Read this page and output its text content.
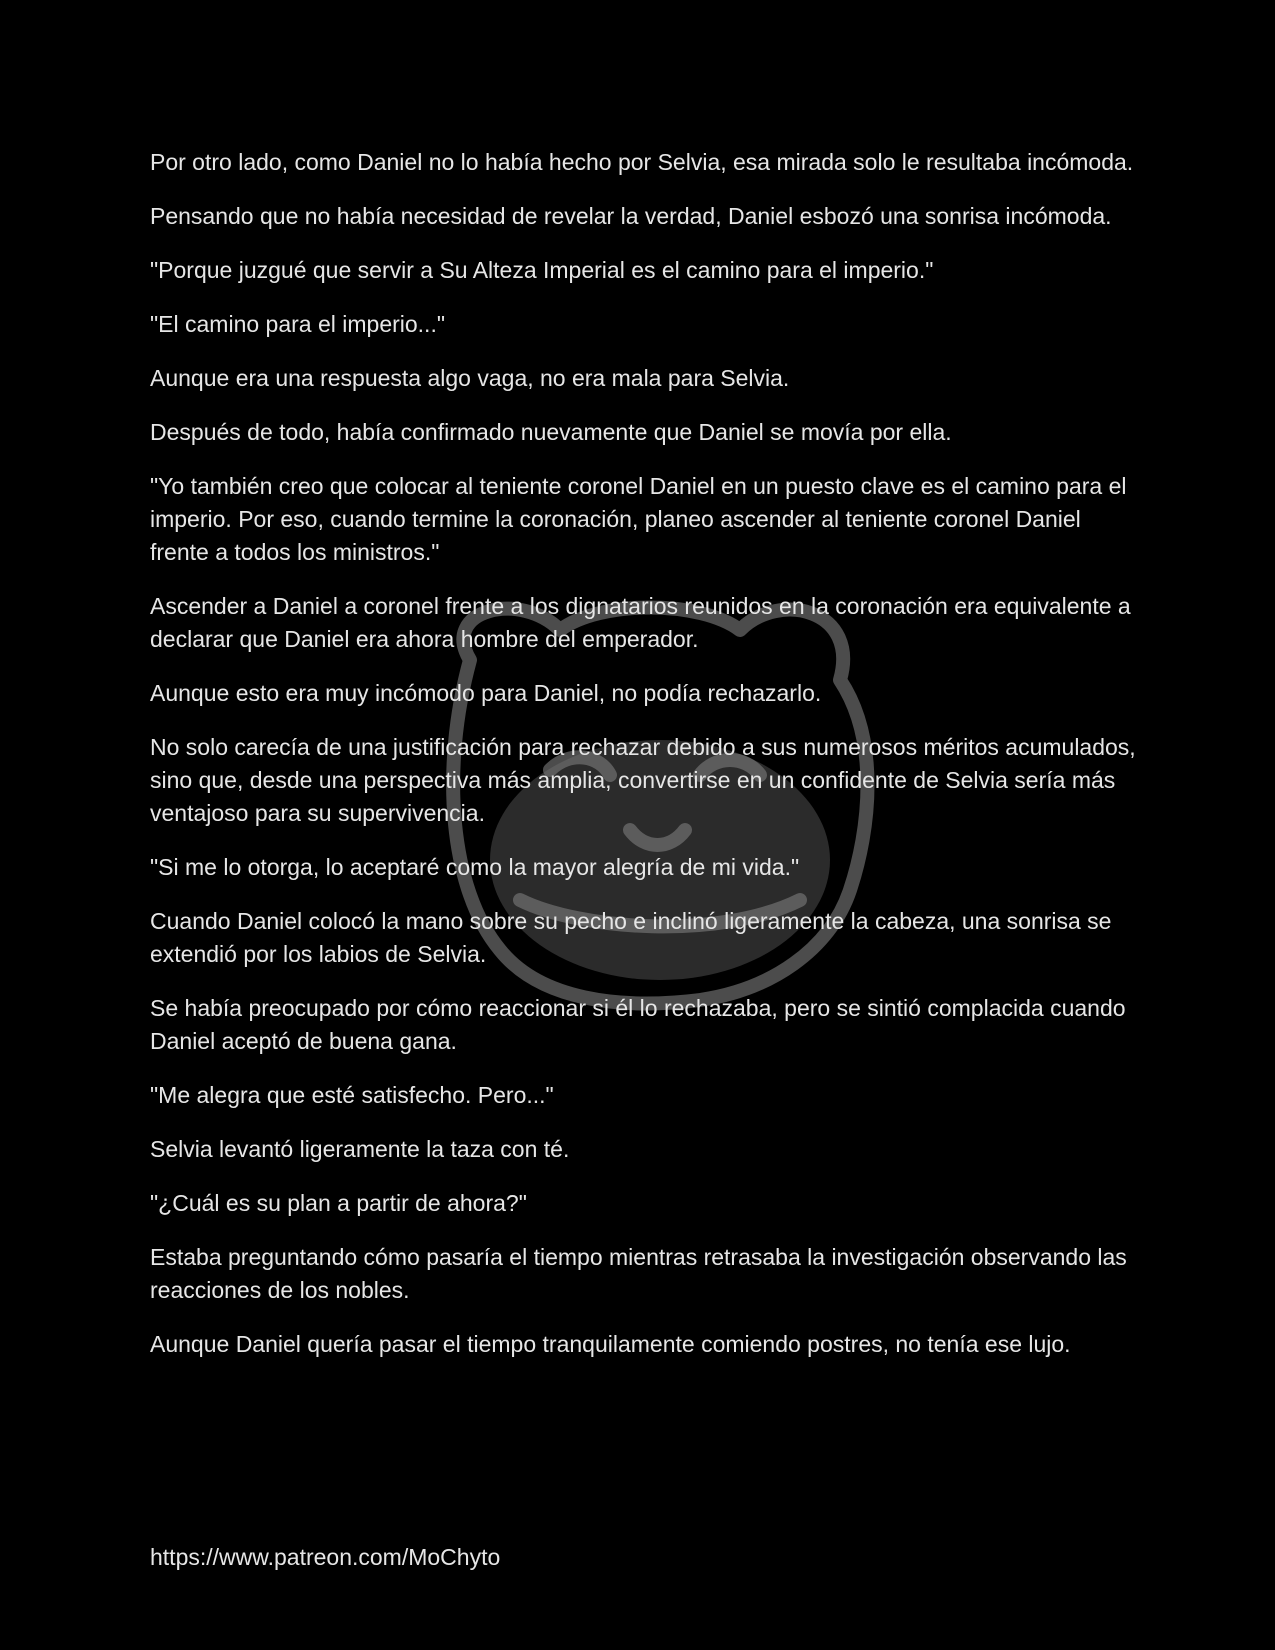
Por otro lado, como Daniel no lo había hecho por Selvia, esa mirada solo le resultaba incómoda.

Pensando que no había necesidad de revelar la verdad, Daniel esbozó una sonrisa incómoda.

"Porque juzgué que servir a Su Alteza Imperial es el camino para el imperio."

"El camino para el imperio..."

Aunque era una respuesta algo vaga, no era mala para Selvia.

Después de todo, había confirmado nuevamente que Daniel se movía por ella.

"Yo también creo que colocar al teniente coronel Daniel en un puesto clave es el camino para el imperio. Por eso, cuando termine la coronación, planeo ascender al teniente coronel Daniel frente a todos los ministros."

Ascender a Daniel a coronel frente a los dignatarios reunidos en la coronación era equivalente a declarar que Daniel era ahora hombre del emperador.

Aunque esto era muy incómodo para Daniel, no podía rechazarlo.

No solo carecía de una justificación para rechazar debido a sus numerosos méritos acumulados, sino que, desde una perspectiva más amplia, convertirse en un confidente de Selvia sería más ventajoso para su supervivencia.

"Si me lo otorga, lo aceptaré como la mayor alegría de mi vida."

Cuando Daniel colocó la mano sobre su pecho e inclinó ligeramente la cabeza, una sonrisa se extendió por los labios de Selvia.

Se había preocupado por cómo reaccionar si él lo rechazaba, pero se sintió complacida cuando Daniel aceptó de buena gana.

"Me alegra que esté satisfecho. Pero..."

Selvia levantó ligeramente la taza con té.

"¿Cuál es su plan a partir de ahora?"

Estaba preguntando cómo pasaría el tiempo mientras retrasaba la investigación observando las reacciones de los nobles.

Aunque Daniel quería pasar el tiempo tranquilamente comiendo postres, no tenía ese lujo.

https://www.patreon.com/MoChyto
